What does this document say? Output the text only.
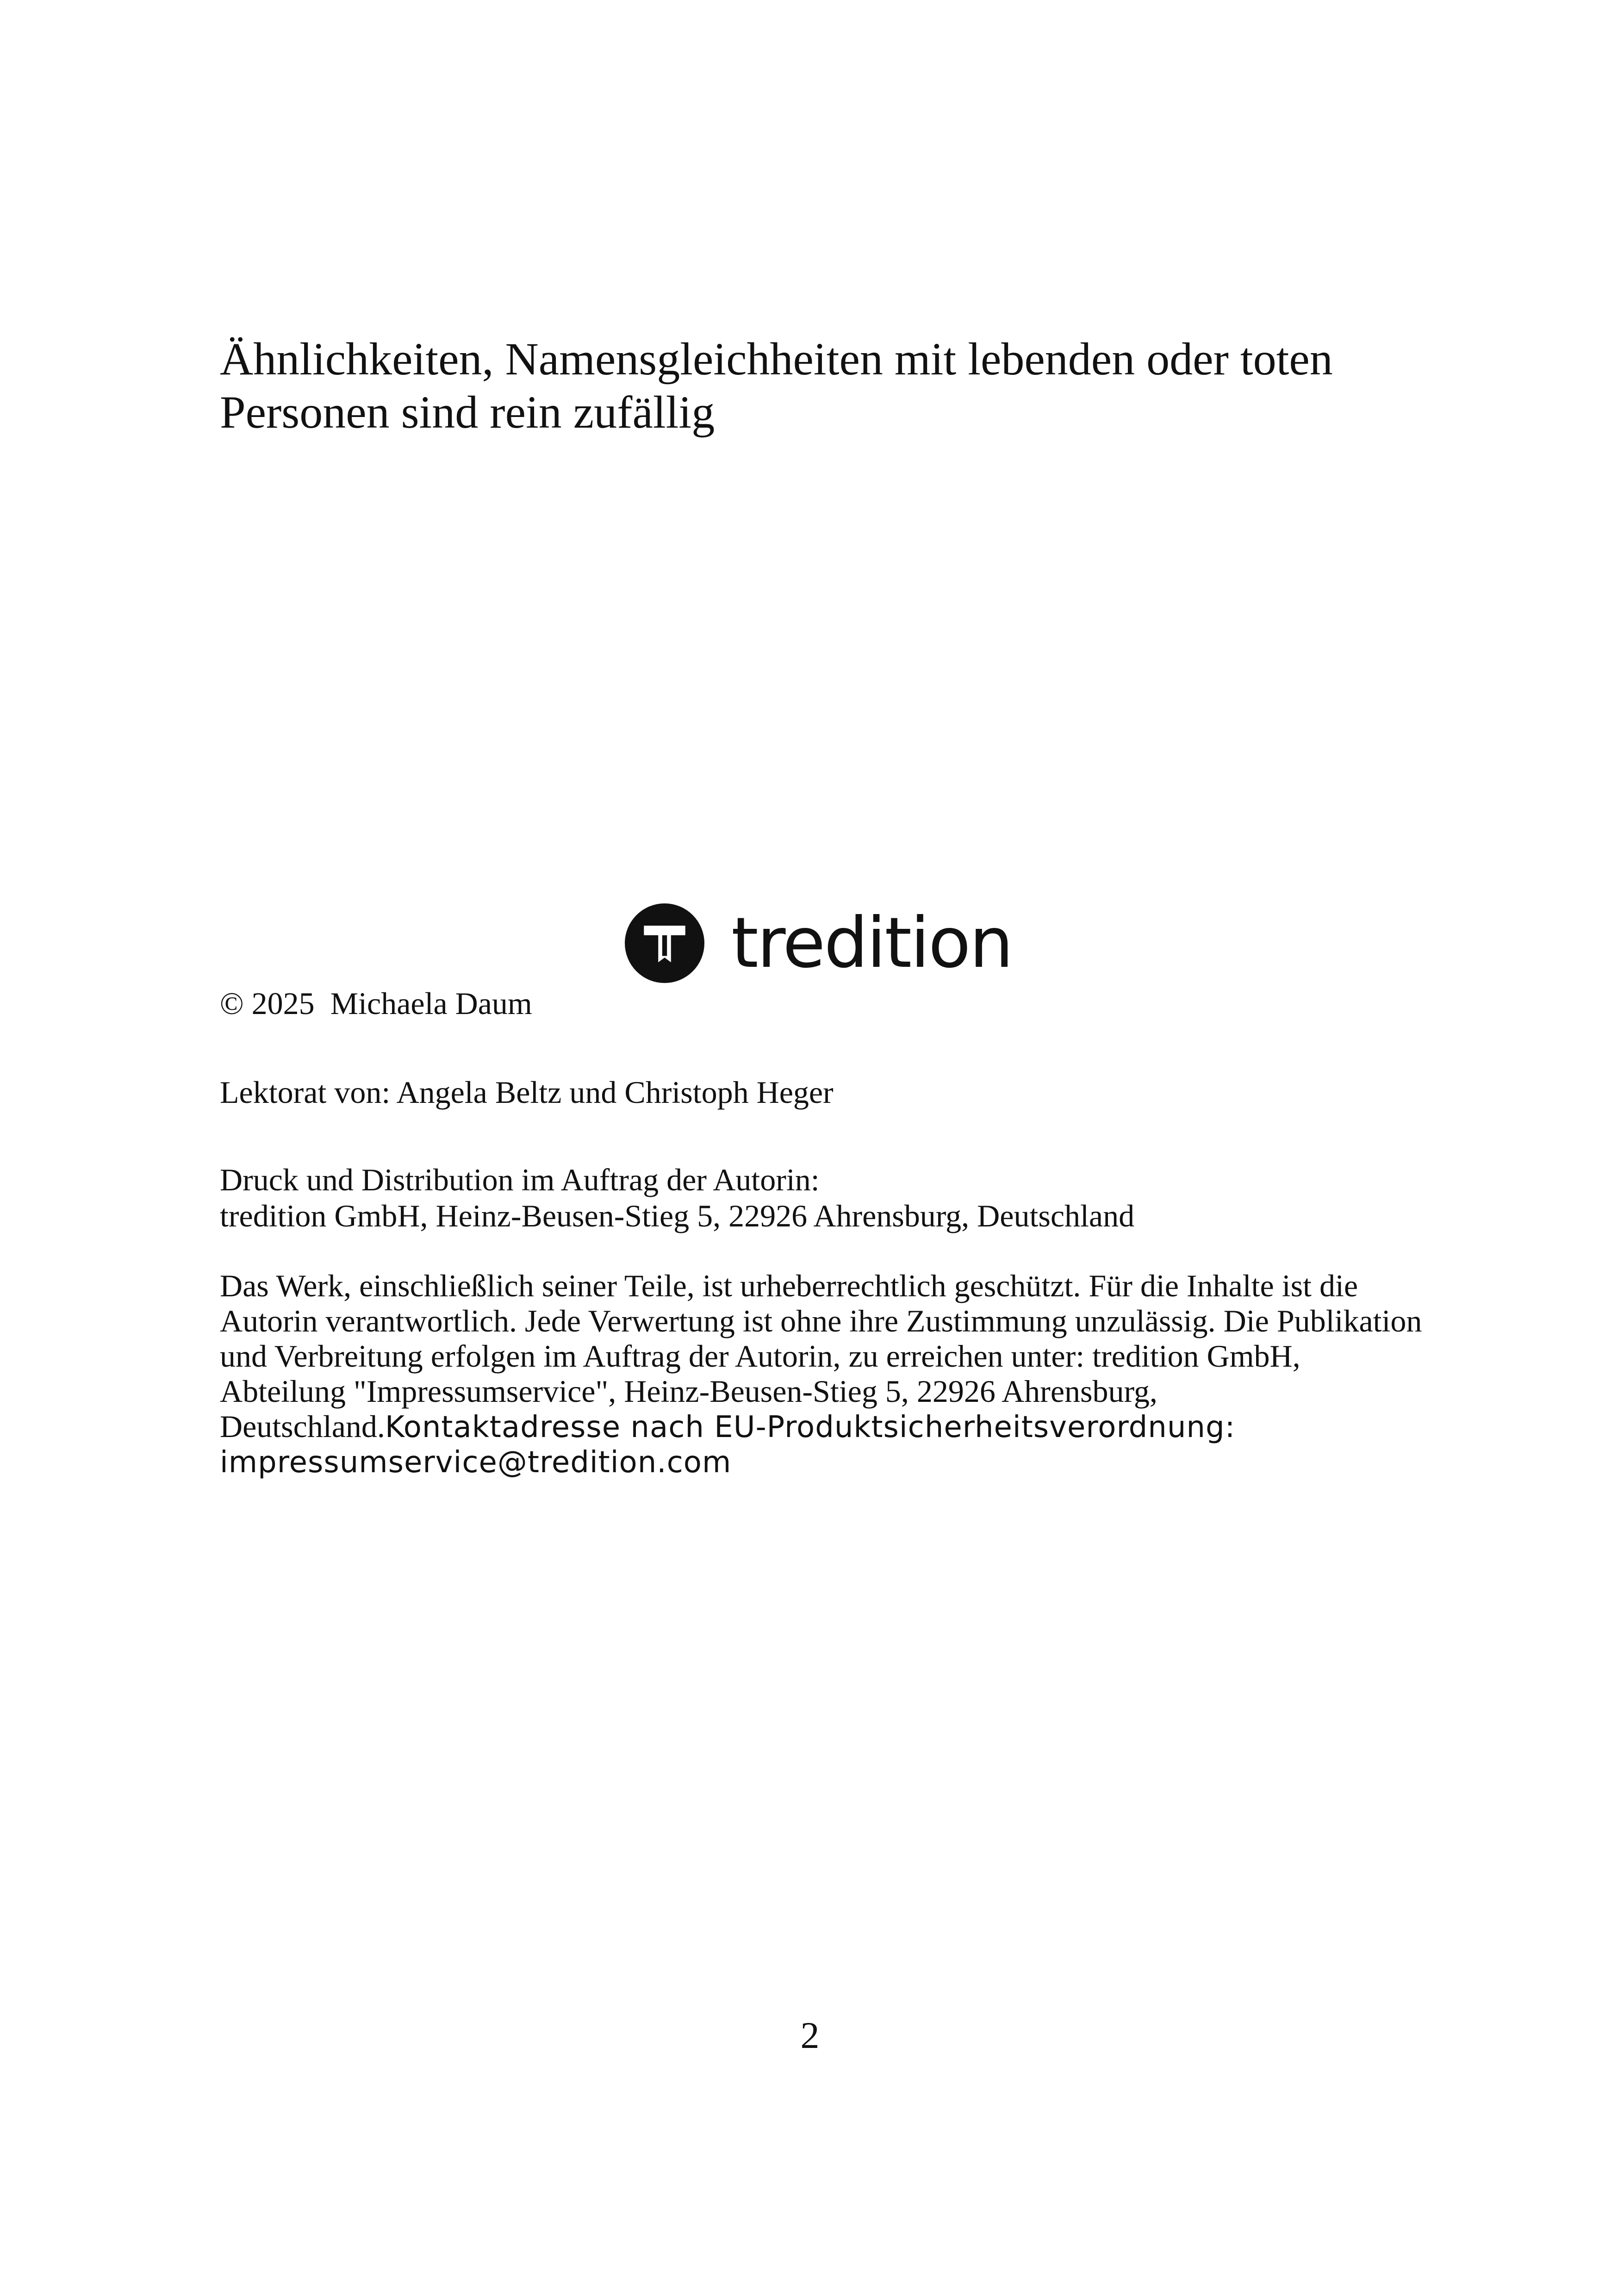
Ähnlichkeiten, Namensgleichheiten mit lebenden oder toten
Personen sind rein zufällig
tredition
© 2025  Michaela Daum
Lektorat von: Angela Beltz und Christoph Heger
Druck und Distribution im Auftrag der Autorin:
tredition GmbH, Heinz-Beusen-Stieg 5, 22926 Ahrensburg, Deutschland
Das Werk, einschließlich seiner Teile, ist urheberrechtlich geschützt. Für die Inhalte ist die
Autorin verantwortlich. Jede Verwertung ist ohne ihre Zustimmung unzulässig. Die Publikation
und Verbreitung erfolgen im Auftrag der Autorin, zu erreichen unter: tredition GmbH,
Abteilung "Impressumservice", Heinz-Beusen-Stieg 5, 22926 Ahrensburg,
Deutschland.Kontaktadresse nach EU-Produktsicherheitsverordnung:
impressumservice@tredition.com
2
